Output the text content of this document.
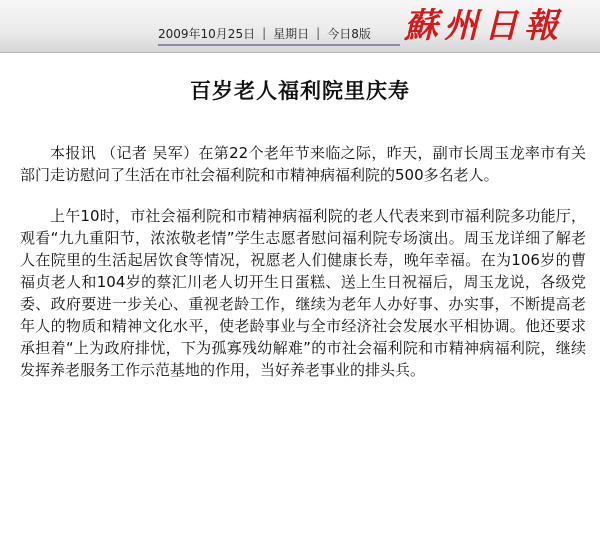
2009年10月25日 | 星期日 | 今日8版 蘇州日報
百岁老人福利院里庆寿

本报讯 （记者 吴军）在第22个老年节来临之际，昨天，副市长周玉龙率市有关部门走访慰问了生活在市社会福利院和市精神病福利院的500多名老人。

上午10时，市社会福利院和市精神病福利院的老人代表来到市福利院多功能厅，观看“九九重阳节，浓浓敬老情”学生志愿者慰问福利院专场演出。周玉龙详细了解老人在院里的生活起居饮食等情况，祝愿老人们健康长寿，晚年幸福。在为106岁的曹福贞老人和104岁的蔡汇川老人切开生日蛋糕、送上生日祝福后，周玉龙说，各级党委、政府要进一步关心、重视老龄工作，继续为老年人办好事、办实事，不断提高老年人的物质和精神文化水平，使老龄事业与全市经济社会发展水平相协调。他还要求承担着“上为政府排忧，下为孤寡残幼解难”的市社会福利院和市精神病福利院，继续发挥养老服务工作示范基地的作用，当好养老事业的排头兵。
